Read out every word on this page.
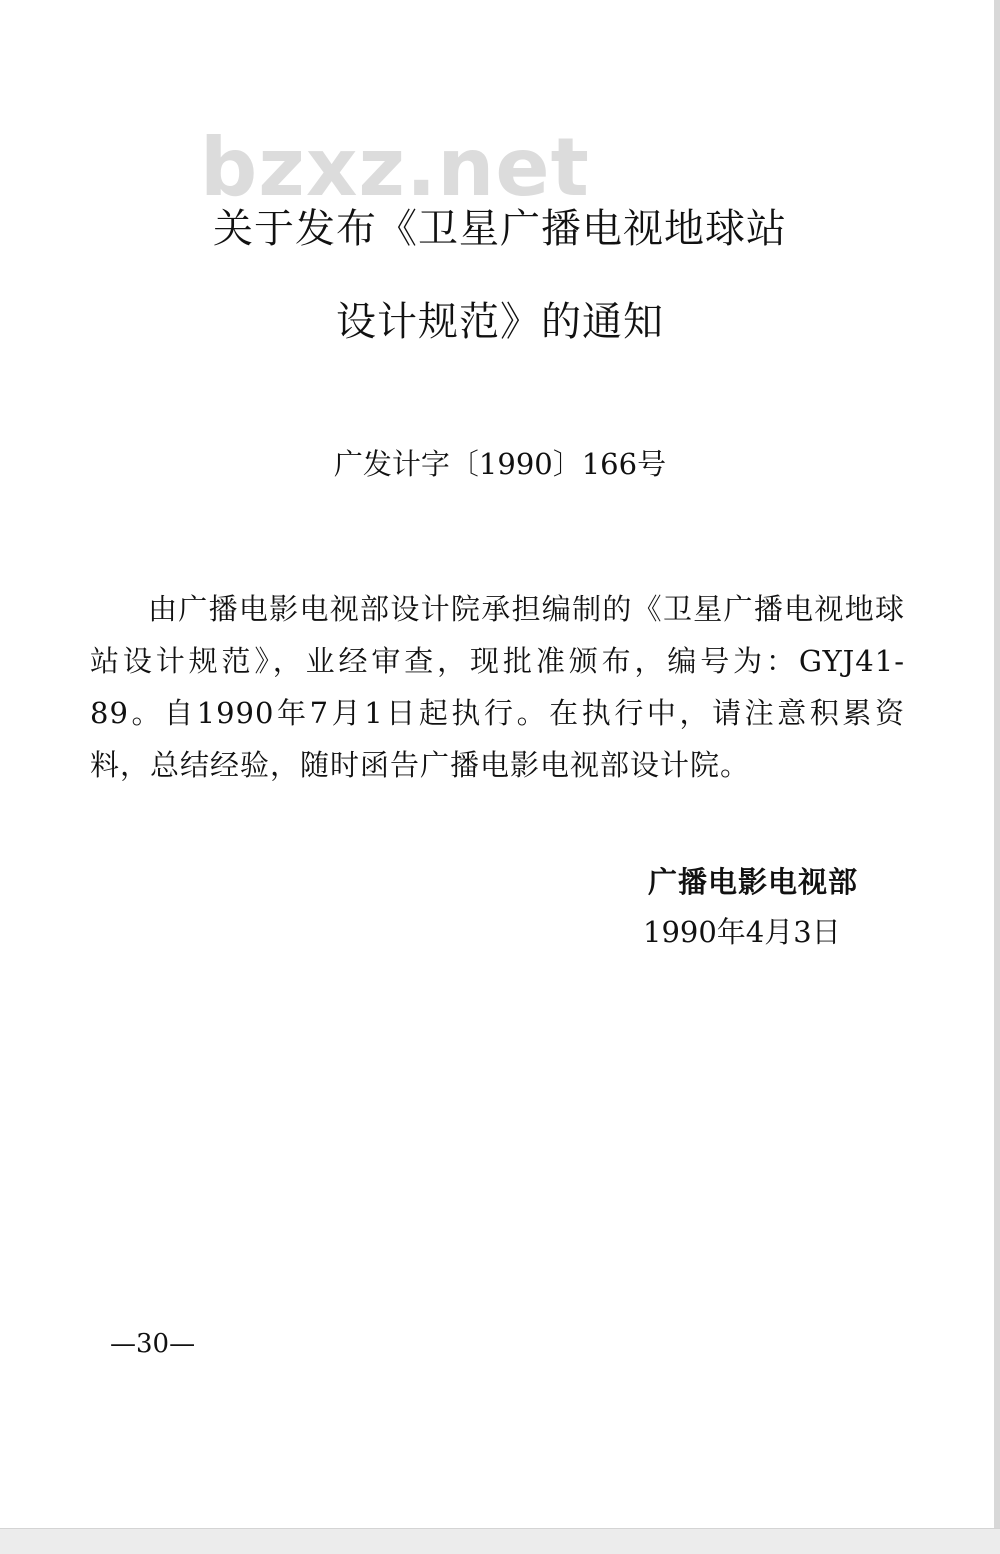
bzxz.net
关于发布《卫星广播电视地球站
设计规范》的通知
广发计字〔1990〕166号
由广播电影电视部设计院承担编制的《卫星广播电视地球站设计规范》，业经审查，现批准颁布，编号为：GYJ41-89。自1990年7月1日起执行。在执行中，请注意积累资料，总结经验，随时函告广播电影电视部设计院。
广播电影电视部
1990年4月3日
—30—
